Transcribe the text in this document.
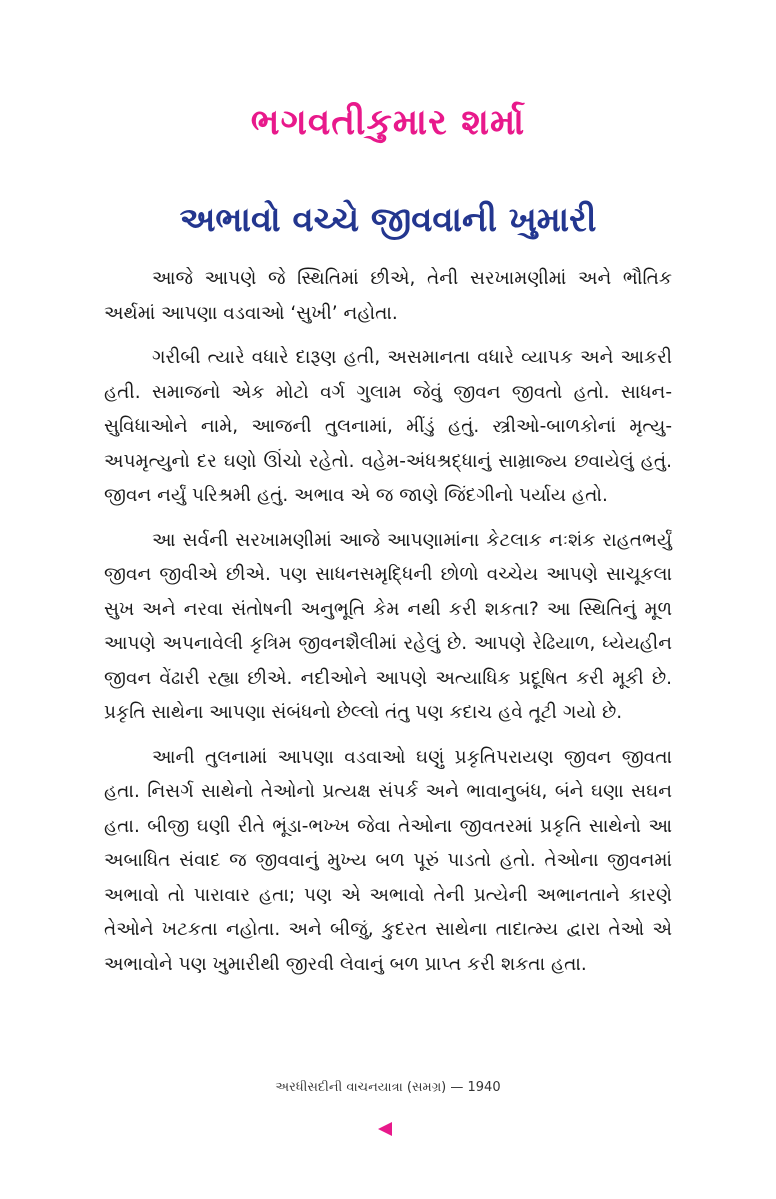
ભગવતીકુમાર શર્મા
અભાવો વચ્ચે જીવવાની ખુમારી

આજે આપણે જે સ્થિતિમાં છીએ, તેની સરખામણીમાં અને ભૌતિક અર્થમાં આપણા વડવાઓ ‘સુખી’ નહોતા.

ગરીબી ત્યારે વધારે દારૂણ હતી, અસમાનતા વધારે વ્યાપક અને આકરી હતી. સમાજનો એક મોટો વર્ગ ગુલામ જેવું જીવન જીવતો હતો. સાધન-સુવિધાઓને નામે, આજની તુલનામાં, મીંડું હતું. સ્ત્રીઓ-બાળકોનાં મૃત્યુ-અપમૃત્યુનો દર ઘણો ઊંચો રહેતો. વહેમ-અંધશ્રદ્ધાનું સામ્રાજ્ય છવાયેલું હતું. જીવન નર્યું પરિશ્રમી હતું. અભાવ એ જ જાણે જિંદગીનો પર્યાય હતો.

આ સર્વની સરખામણીમાં આજે આપણામાંના કેટલાક નઃશંક રાહતભર્યું જીવન જીવીએ છીએ. પણ સાધનસમૃદ્ધિની છોળો વચ્ચેય આપણે સાચૂકલા સુખ અને નરવા સંતોષની અનુભૂતિ કેમ નથી કરી શકતા? આ સ્થિતિનું મૂળ આપણે અપનાવેલી કૃત્રિમ જીવનશૈલીમાં રહેલું છે. આપણે રેઢિયાળ, ધ્યેયહીન જીવન વેંઢારી રહ્યા છીએ. નદીઓને આપણે અત્યાધિક પ્રદૂષિત કરી મૂકી છે. પ્રકૃતિ સાથેના આપણા સંબંધનો છેલ્લો તંતુ પણ કદાચ હવે તૂટી ગયો છે.

આની તુલનામાં આપણા વડવાઓ ઘણું પ્રકૃતિપરાયણ જીવન જીવતા હતા. નિસર્ગ સાથેનો તેઓનો પ્રત્યક્ષ સંપર્ક અને ભાવાનુબંધ, બંને ઘણા સઘન હતા. બીજી ઘણી રીતે ભૂંડા-ભખ્ખ જેવા તેઓના જીવતરમાં પ્રકૃતિ સાથેનો આ અબાધિત સંવાદ જ જીવવાનું મુખ્ય બળ પૂરું પાડતો હતો. તેઓના જીવનમાં અભાવો તો પારાવાર હતા; પણ એ અભાવો તેની પ્રત્યેની અભાનતાને કારણે તેઓને ખટકતા નહોતા. અને બીજું, કુદરત સાથેના તાદાત્મ્ય દ્વારા તેઓ એ અભાવોને પણ ખુમારીથી જીરવી લેવાનું બળ પ્રાપ્ત કરી શકતા હતા.

અરધીસદીની વાચનયાત્રા (સમગ્ર) — 1940
